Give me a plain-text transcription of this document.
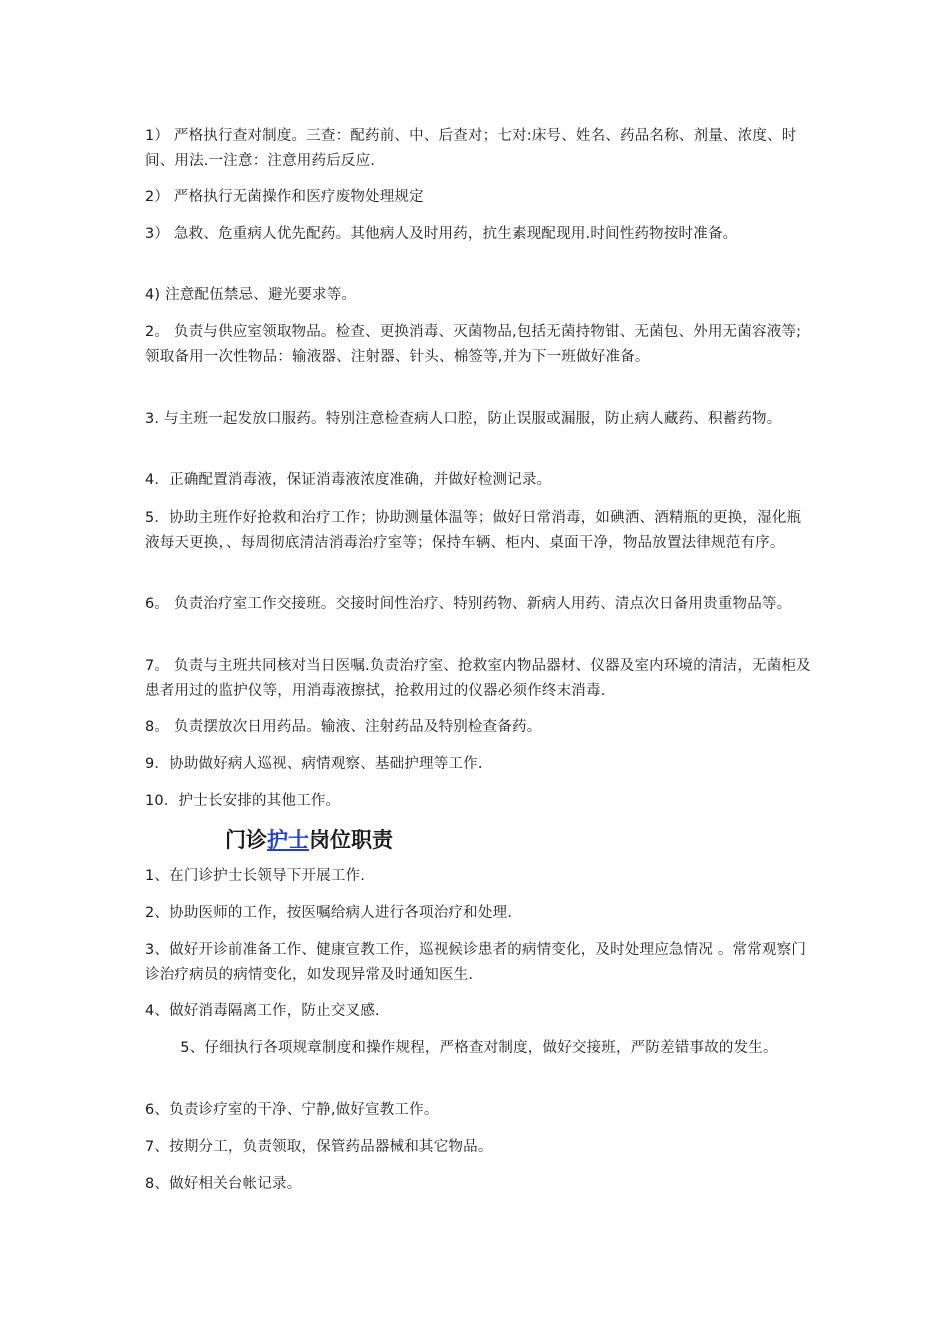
1） 严格执行查对制度。三查：配药前、中、后查对；七对:床号、姓名、药品名称、剂量、浓度、时间、用法.一注意：注意用药后反应.

2） 严格执行无菌操作和医疗废物处理规定

3） 急救、危重病人优先配药。其他病人及时用药，抗生素现配现用.时间性药物按时准备。

4) 注意配伍禁忌、避光要求等。

2。 负责与供应室领取物品。检查、更换消毒、灭菌物品,包括无菌持物钳、无菌包、外用无菌容液等;领取备用一次性物品：输液器、注射器、针头、棉签等,并为下一班做好准备。

3. 与主班一起发放口服药。特别注意检查病人口腔，防止误服或漏服，防止病人藏药、积蓄药物。

4．正确配置消毒液，保证消毒液浓度准确，并做好检测记录。

5．协助主班作好抢救和治疗工作；协助测量体温等；做好日常消毒，如碘洒、酒精瓶的更换，湿化瓶液每天更换，、每周彻底清洁消毒治疗室等；保持车辆、柜内、桌面干净，物品放置法律规范有序。

6。 负责治疗室工作交接班。交接时间性治疗、特别药物、新病人用药、清点次日备用贵重物品等。

7。 负责与主班共同核对当日医嘱.负责治疗室、抢救室内物品器材、仪器及室内环境的清洁，无菌柜及患者用过的监护仪等，用消毒液擦拭，抢救用过的仪器必须作终末消毒.

8。 负责摆放次日用药品。输液、注射药品及特别检查备药。

9．协助做好病人巡视、病情观察、基础护理等工作.

10．护士长安排的其他工作。

门诊护士岗位职责

1、在门诊护士长领导下开展工作.

2、协助医师的工作，按医嘱给病人进行各项治疗和处理.

3、做好开诊前准备工作、健康宣教工作，巡视候诊患者的病情变化，及时处理应急情况 。常常观察门诊治疗病员的病情变化，如发现异常及时通知医生.

4、做好消毒隔离工作，防止交叉感.

5、仔细执行各项规章制度和操作规程，严格查对制度，做好交接班，严防差错事故的发生。

6、负责诊疗室的干净、宁静,做好宣教工作。

7、按期分工，负责领取，保管药品器械和其它物品。

8、做好相关台帐记录。
